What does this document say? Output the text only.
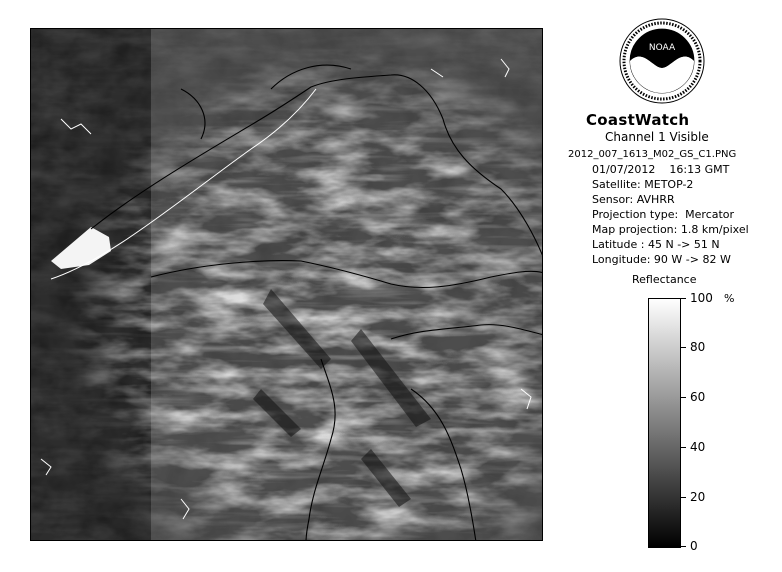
NOAA
CoastWatch
Channel 1 Visible
2012_007_1613_M02_GS_C1.PNG
01/07/2012    16:13 GMT
Satellite: METOP-2
Sensor: AVHRR
Projection type:  Mercator
Map projection: 1.8 km/pixel
Latitude : 45 N -> 51 N
Longitude: 90 W -> 82 W
Reflectance
%
100
80
60
40
20
0
